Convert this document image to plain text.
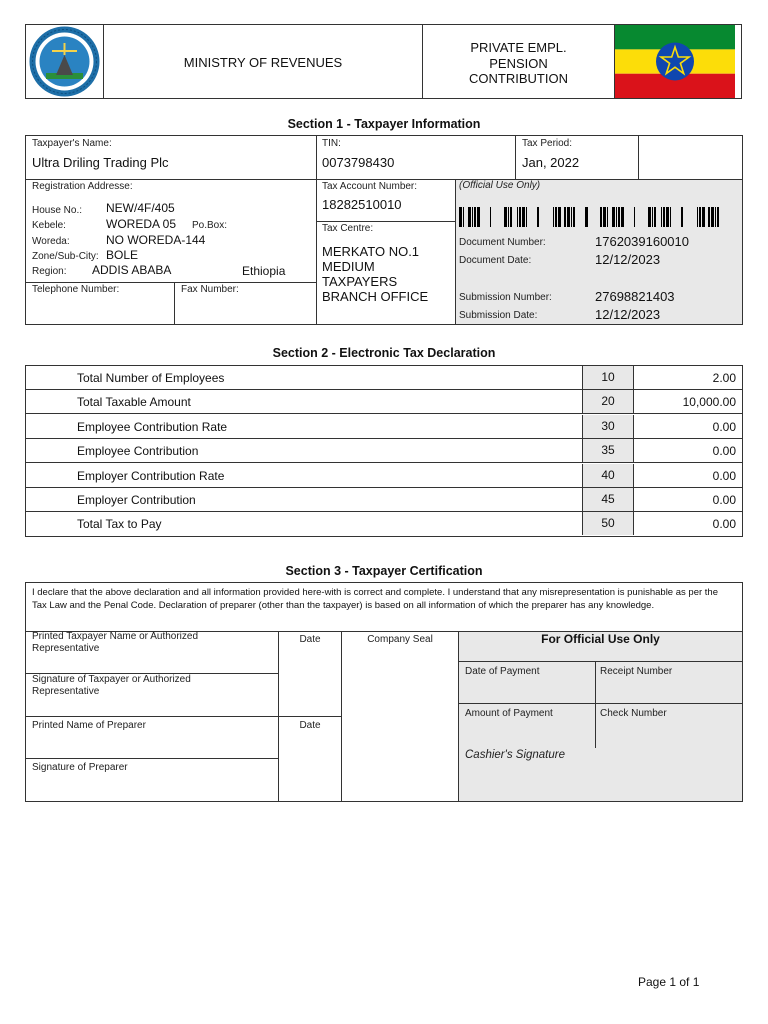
MINISTRY OF REVENUES
PRIVATE EMPL.
PENSION
CONTRIBUTION
Section 1 - Taxpayer Information
Taxpayer's Name:
Ultra Driling Trading Plc
TIN:
0073798430
Tax Period:
Jan, 2022
Registration Addresse:
House No.: NEW/4F/405
Kebele:	WOREDA 05 Po.Box:
Woreda:	NO WOREDA-144
Zone/Sub-City: BOLE
Region: ADDIS ABABA	Ethiopia
Telephone Number:	Fax Number:
Tax Account Number:
18282510010
Tax Centre:
MERKATO NO.1
MEDIUM
TAXPAYERS
BRANCH OFFICE
(Official Use Only)
Document Number:	1762039160010
Document Date:	12/12/2023
Submission Number:	27698821403
Submission Date:	12/12/2023
Section 2 - Electronic Tax Declaration
Total Number of Employees	10	2.00
Total Taxable Amount	20	10,000.00
Employee Contribution Rate	30	0.00
Employee Contribution	35	0.00
Employer Contribution Rate	40	0.00
Employer Contribution	45	0.00
Total Tax to Pay	50	0.00
Section 3 - Taxpayer Certification
I declare that the above declaration and all information provided here-with is correct and complete. I understand that any misrepresentation is punishable as per the Tax Law and the Penal Code. Declaration of preparer (other than the taxpayer) is based on all information of which the preparer has any knowledge.
Printed Taxpayer Name or Authorized Representative
Signature of Taxpayer or Authorized Representative
Printed Name of Preparer
Signature of Preparer
Date
Date
Company Seal	For Official Use Only
Date of Payment	Receipt Number
Amount of Payment	Check Number
Cashier's Signature
Page 1 of 1
